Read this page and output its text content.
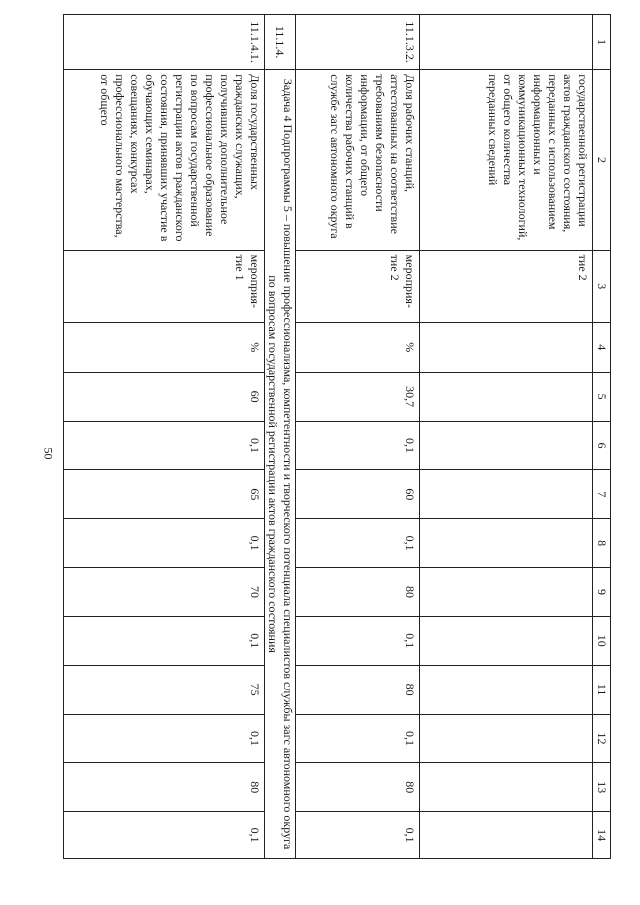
50
1	2	3	4	5	6	7	8	9	10	11	12	13	14
	государственной регистрации актов гражданского состояния, переданных с использованием информационных и коммуникационных технологий, от общего количества переданных сведений	тие 2											
11.1.3.2.	Доля рабочих станций, аттестованных на соответствие требованиям безопасности информации, от общего количества рабочих станций в службе загс автономного округа	мероприя-тие 2	%	30,7	0,1	60	0,1	80	0,1	80	0,1	80	0,1
11.1.4.	Задача 4 Подпрограммы 5 – повышение профессионализма, компетентности и творческого потенциала специалистов службы загс автономного округа по вопросам государственной регистрации актов гражданского состояния												
11.1.4.1.	Доля государственных гражданских служащих, получивших дополнительное профессиональное образование по вопросам государственной регистрации актов гражданского состояния, принявших участие в обучающих семинарах, совещаниях, конкурсах профессионального мастерства, от общего	мероприя-тие 1	%	60	0,1	65	0,1	70	0,1	75	0,1	80	0,1
